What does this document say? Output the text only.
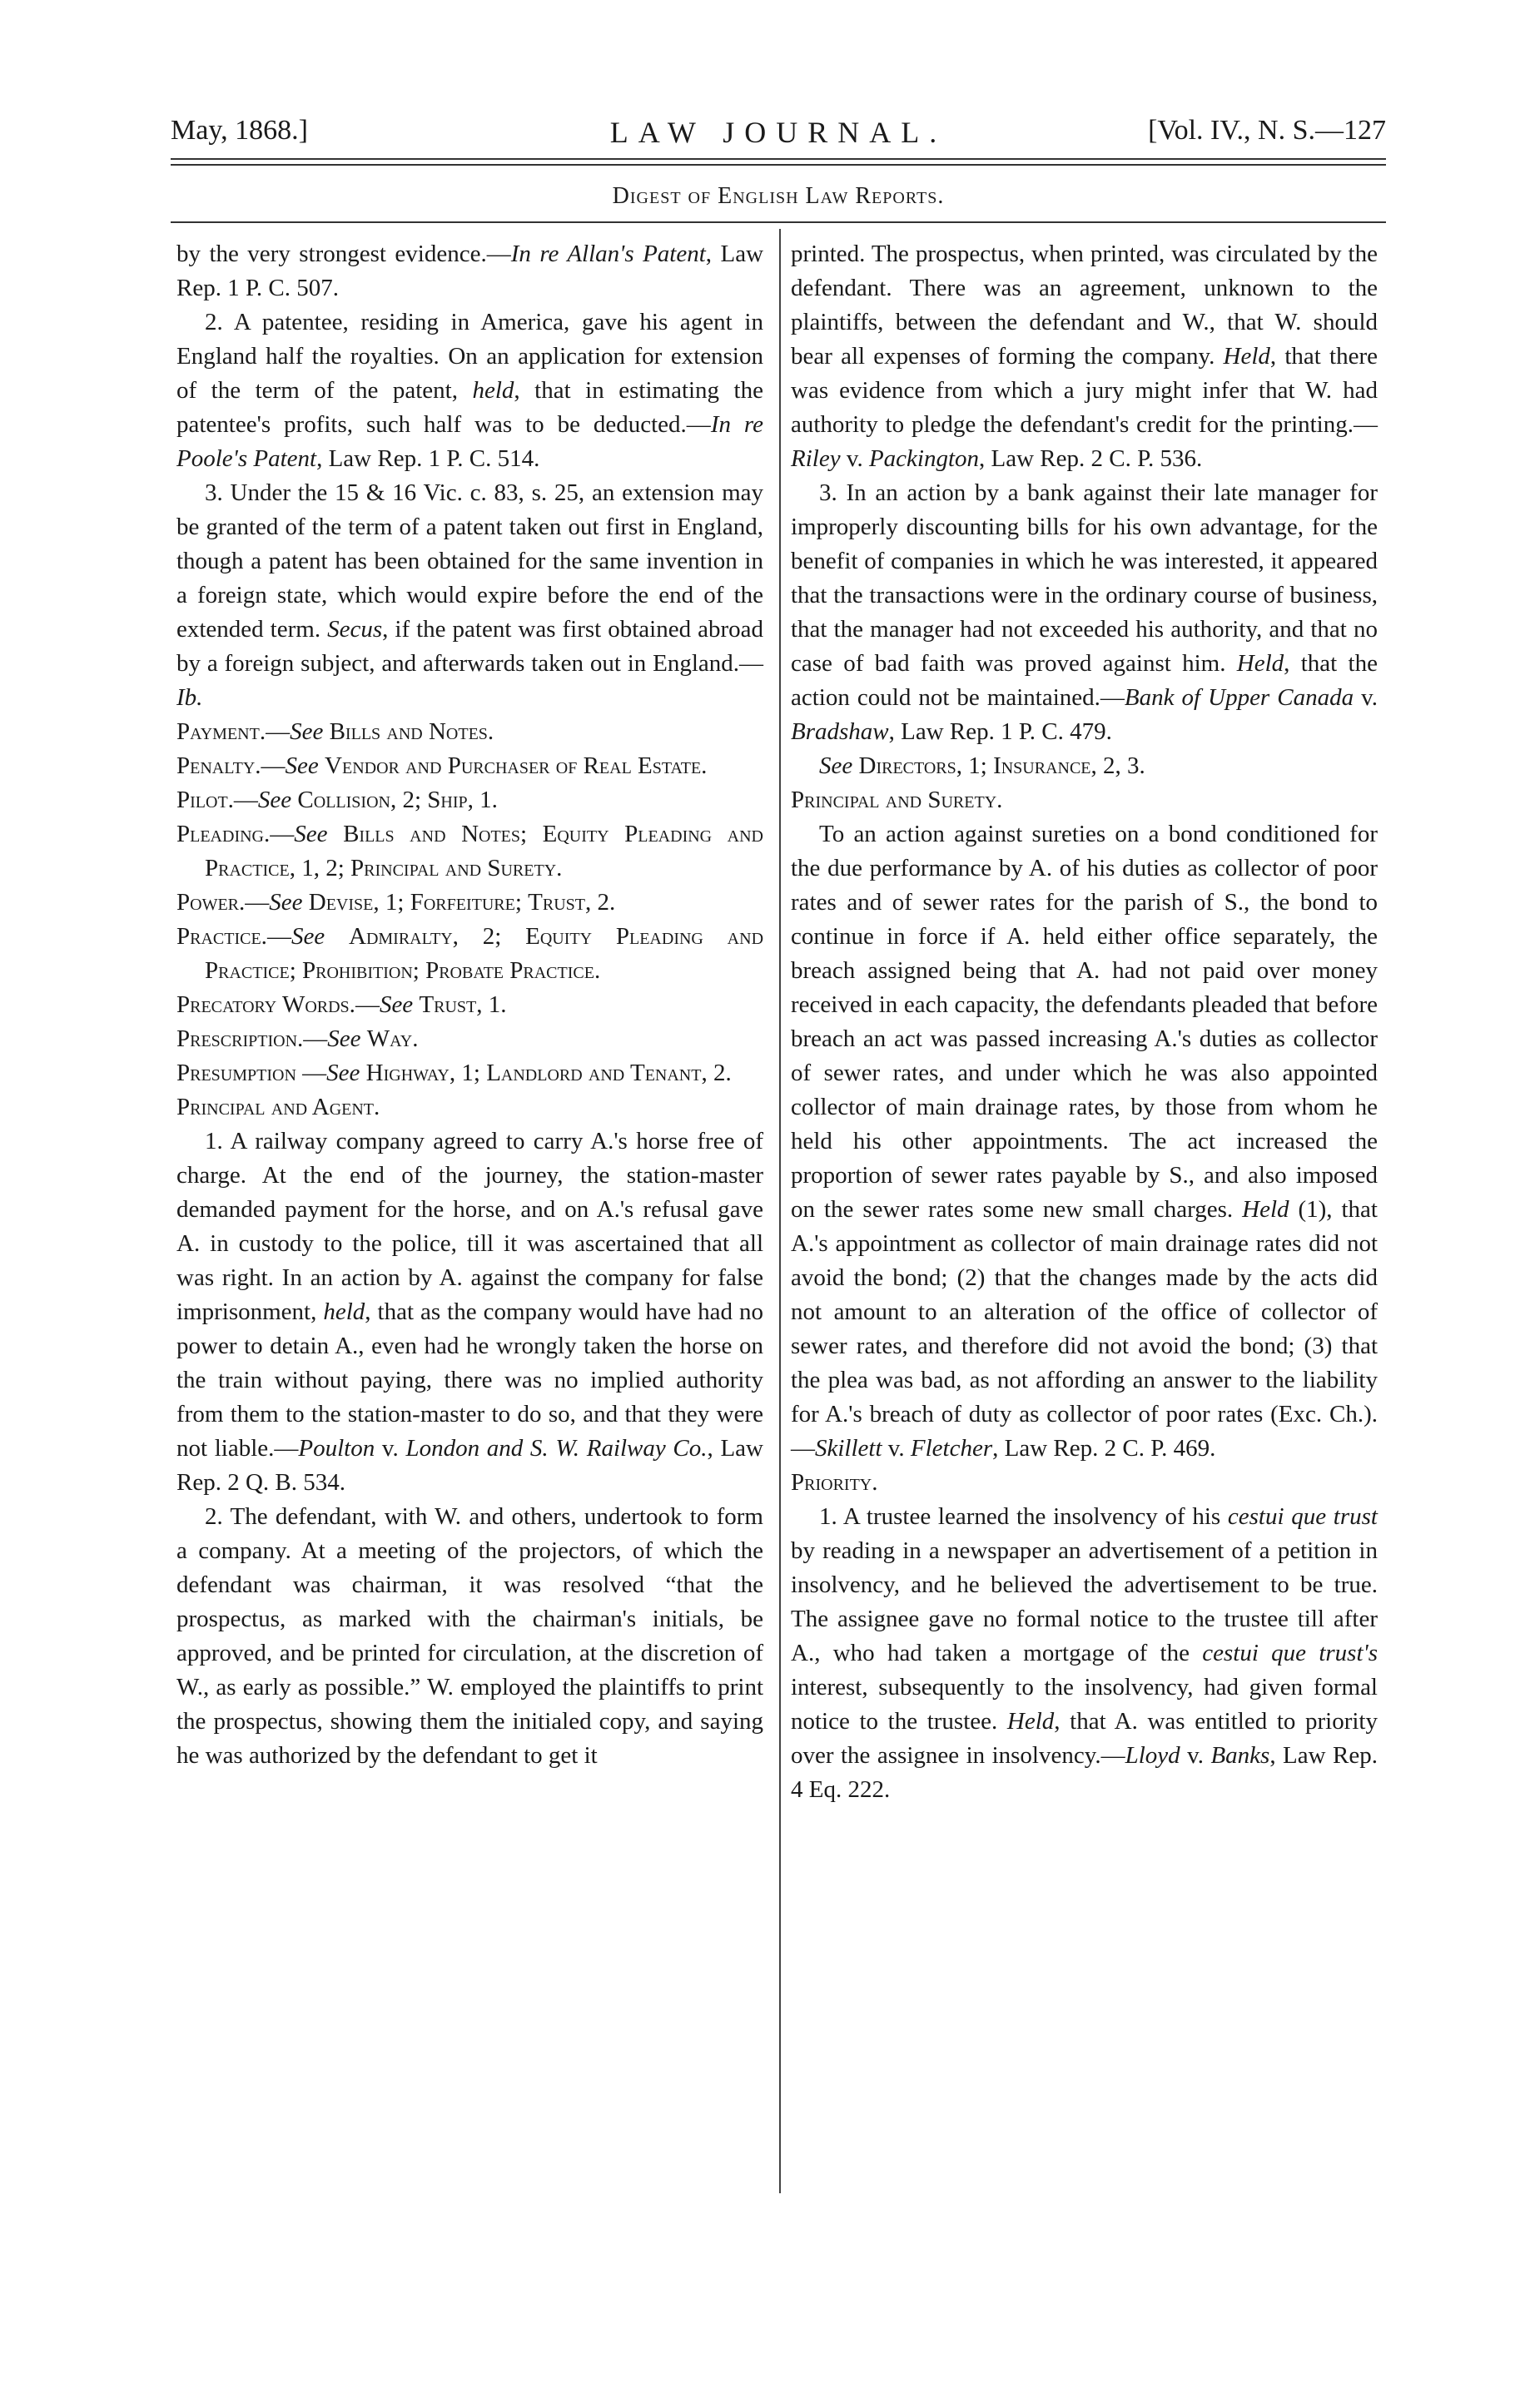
May, 1868.]	LAW JOURNAL.	[Vol. IV., N. S.—127
Digest of English Law Reports.

by the very strongest evidence.—In re Allan's Patent, Law Rep. 1 P. C. 507.

2. A patentee, residing in America, gave his agent in England half the royalties. On an application for extension of the term of the patent, held, that in estimating the patentee's profits, such half was to be deducted.—In re Poole's Patent, Law Rep. 1 P. C. 514.

3. Under the 15 & 16 Vic. c. 83, s. 25, an extension may be granted of the term of a patent taken out first in England, though a patent has been obtained for the same invention in a foreign state, which would expire before the end of the extended term. Secus, if the patent was first obtained abroad by a foreign subject, and afterwards taken out in England.—Ib.

Payment.—See Bills and Notes.

Penalty.—See Vendor and Purchaser of Real Estate.

Pilot.—See Collision, 2; Ship, 1.

Pleading.—See Bills and Notes; Equity Pleading and Practice, 1, 2; Principal and Surety.

Power.—See Devise, 1; Forfeiture; Trust, 2.

Practice.—See Admiralty, 2; Equity Pleading and Practice; Prohibition; Probate Practice.

Precatory Words.—See Trust, 1.

Prescription.—See Way.

Presumption —See Highway, 1; Landlord and Tenant, 2.

Principal and Agent.

1. A railway company agreed to carry A.'s horse free of charge. At the end of the journey, the station-master demanded payment for the horse, and on A.'s refusal gave A. in custody to the police, till it was ascertained that all was right. In an action by A. against the company for false imprisonment, held, that as the company would have had no power to detain A., even had he wrongly taken the horse on the train without paying, there was no implied authority from them to the station-master to do so, and that they were not liable.—Poulton v. London and S. W. Railway Co., Law Rep. 2 Q. B. 534.

2. The defendant, with W. and others, undertook to form a company. At a meeting of the projectors, of which the defendant was chairman, it was resolved “that the prospectus, as marked with the chairman's initials, be approved, and be printed for circulation, at the discretion of W., as early as possible.” W. employed the plaintiffs to print the prospectus, showing them the initialed copy, and saying he was authorized by the defendant to get it

printed. The prospectus, when printed, was circulated by the defendant. There was an agreement, unknown to the plaintiffs, between the defendant and W., that W. should bear all expenses of forming the company. Held, that there was evidence from which a jury might infer that W. had authority to pledge the defendant's credit for the printing.—Riley v. Packington, Law Rep. 2 C. P. 536.

3. In an action by a bank against their late manager for improperly discounting bills for his own advantage, for the benefit of companies in which he was interested, it appeared that the transactions were in the ordinary course of business, that the manager had not exceeded his authority, and that no case of bad faith was proved against him. Held, that the action could not be maintained.—Bank of Upper Canada v. Bradshaw, Law Rep. 1 P. C. 479.

See Directors, 1; Insurance, 2, 3.

Principal and Surety.

To an action against sureties on a bond conditioned for the due performance by A. of his duties as collector of poor rates and of sewer rates for the parish of S., the bond to continue in force if A. held either office separately, the breach assigned being that A. had not paid over money received in each capacity, the defendants pleaded that before breach an act was passed increasing A.'s duties as collector of sewer rates, and under which he was also appointed collector of main drainage rates, by those from whom he held his other appointments. The act increased the proportion of sewer rates payable by S., and also imposed on the sewer rates some new small charges. Held (1), that A.'s appointment as collector of main drainage rates did not avoid the bond; (2) that the changes made by the acts did not amount to an alteration of the office of collector of sewer rates, and therefore did not avoid the bond; (3) that the plea was bad, as not affording an answer to the liability for A.'s breach of duty as collector of poor rates (Exc. Ch.).—Skillett v. Fletcher, Law Rep. 2 C. P. 469.

Priority.

1. A trustee learned the insolvency of his cestui que trust by reading in a newspaper an advertisement of a petition in insolvency, and he believed the advertisement to be true. The assignee gave no formal notice to the trustee till after A., who had taken a mortgage of the cestui que trust's interest, subsequently to the insolvency, had given formal notice to the trustee. Held, that A. was entitled to priority over the assignee in insolvency.—Lloyd v. Banks, Law Rep. 4 Eq. 222.
